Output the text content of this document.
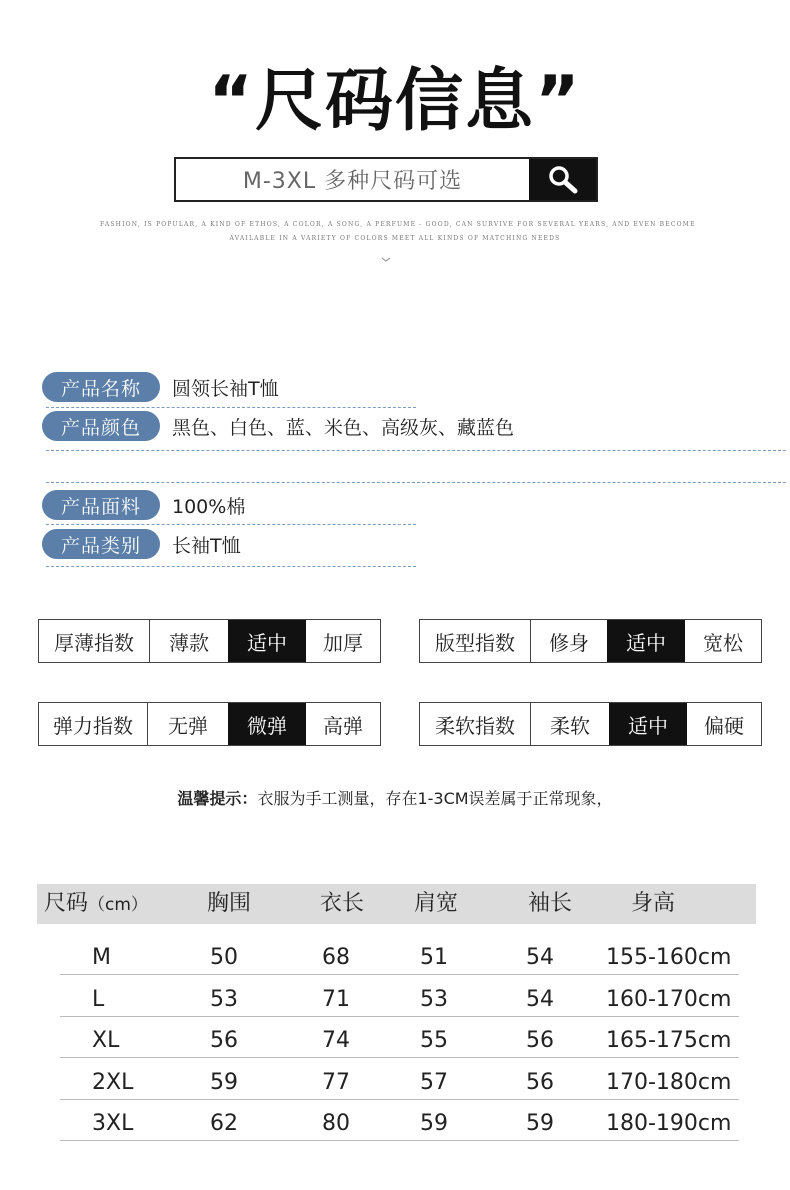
“尺码信息”
M-3XL 多种尺码可选
FASHION, IS POPULAR, A KIND OF ETHOS, A COLOR, A SONG, A PERFUME - GOOD, CAN SURVIVE FOR SEVERAL YEARS, AND EVEN BECOME
AVAILABLE IN A VARIETY OF COLORS MEET ALL KINDS OF MATCHING NEEDS
产品名称	圆领长袖T恤
产品颜色	黑色、白色、蓝、米色、高级灰、藏蓝色
产品面料	100%棉
产品类别	长袖T恤
厚薄指数	薄款	适中	加厚	版型指数	修身	适中	宽松
弹力指数	无弹	微弹	高弹	柔软指数	柔软	适中	偏硬
温馨提示：衣服为手工测量，存在1-3CM误差属于正常现象，
尺码（cm）	胸围	衣长 肩宽	袖长	身高
M	50	68	51	54 155-160cm
L	53	71	53	54 160-170cm
XL	56	74	55	56 165-175cm
2XL	59	77	57	56 170-180cm
3XL	62	80	59	59 180-190cm
